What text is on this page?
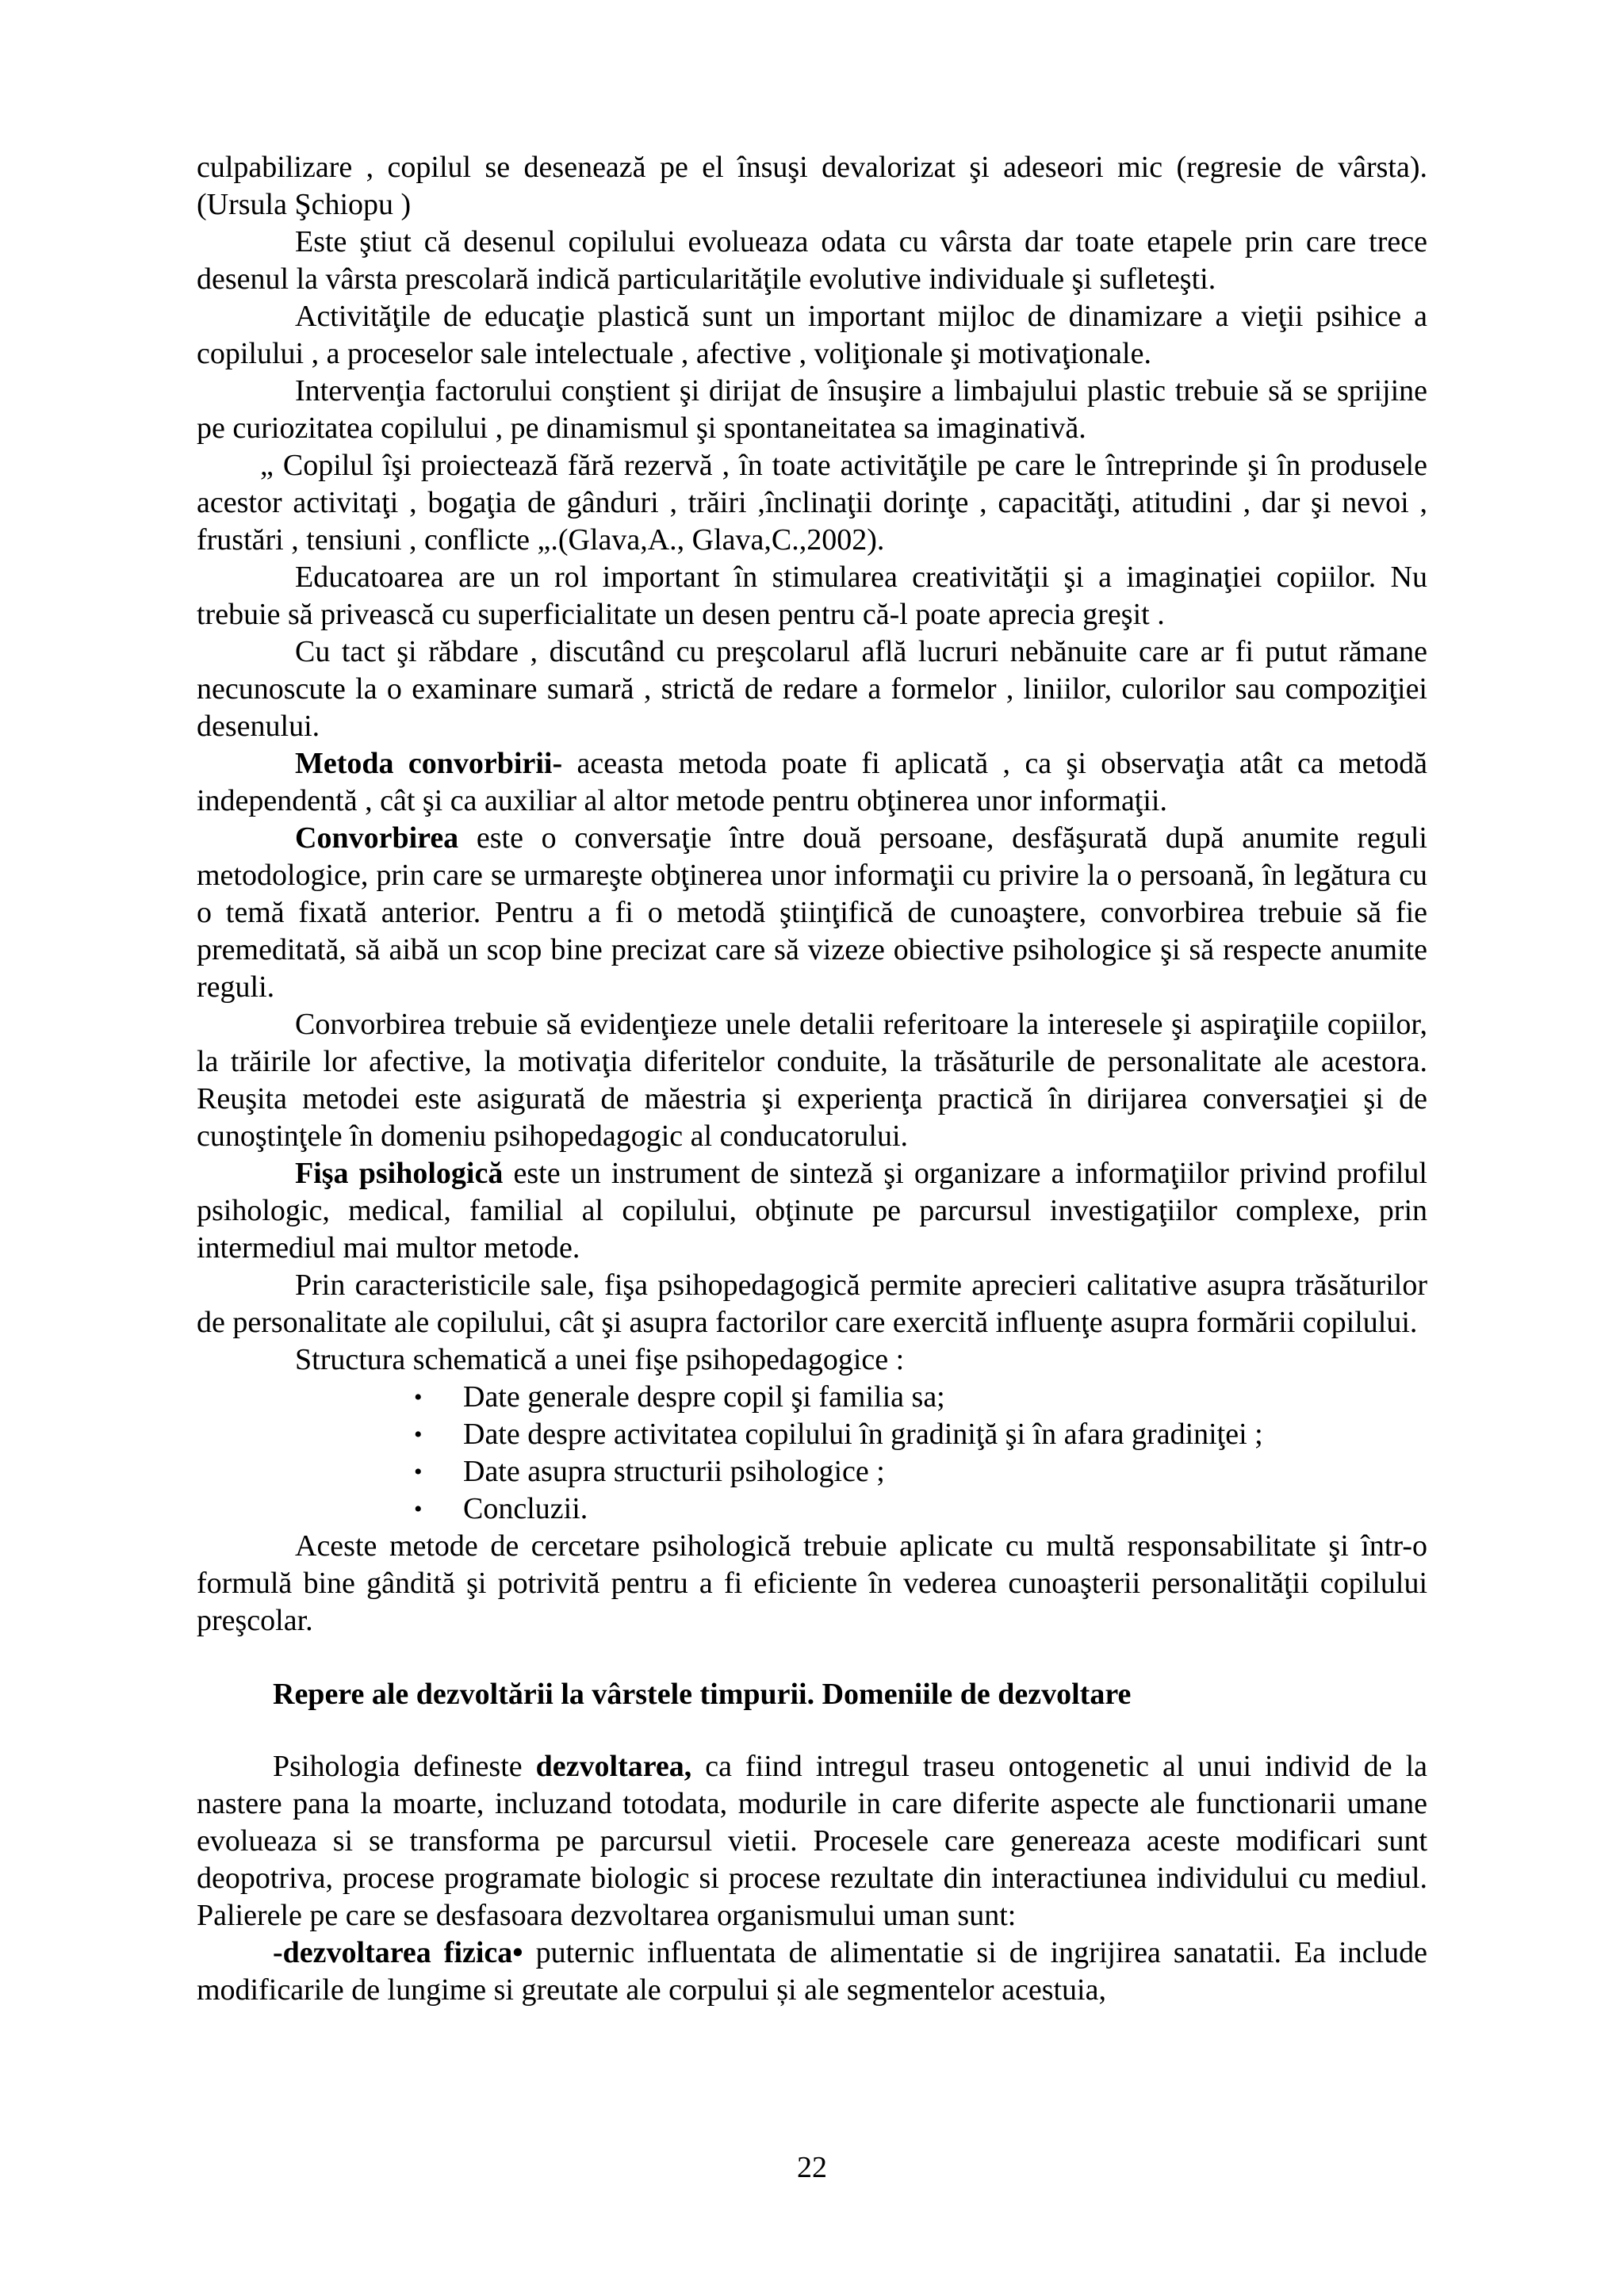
culpabilizare , copilul se desenează pe el însuşi devalorizat şi adeseori mic (regresie de vârsta).(Ursula Şchiopu )

Este ştiut că desenul copilului evolueaza odata cu vârsta dar toate etapele prin care trece desenul la vârsta prescolară indică particularităţile evolutive individuale şi sufleteşti.

Activităţile de educaţie plastică sunt un important mijloc de dinamizare a vieţii psihice a copilului , a proceselor sale intelectuale , afective , voliţionale şi motivaţionale.

Intervenţia factorului conştient şi dirijat de însuşire a limbajului plastic trebuie să se sprijine pe curiozitatea copilului , pe dinamismul şi spontaneitatea sa imaginativă.

„ Copilul îşi proiectează fără rezervă , în toate activităţile pe care le întreprinde şi în produsele acestor activitaţi , bogaţia de gânduri , trăiri ,înclinaţii dorinţe , capacităţi, atitudini , dar şi nevoi , frustări , tensiuni , conflicte „.(Glava,A., Glava,C.,2002).

Educatoarea are un rol important în stimularea creativităţii şi a imaginaţiei copiilor. Nu trebuie să privească cu superficialitate un desen pentru că-l poate aprecia greşit .

Cu tact şi răbdare , discutând cu preşcolarul află lucruri nebănuite care ar fi putut rămane necunoscute la o examinare sumară , strictă de redare a formelor , liniilor, culorilor sau compoziţiei desenului.

Metoda convorbirii- aceasta metoda poate fi aplicată , ca şi observaţia atât ca metodă independentă , cât şi ca auxiliar al altor metode pentru obţinerea unor informaţii.

Convorbirea este o conversaţie între două persoane, desfăşurată după anumite reguli metodologice, prin care se urmareşte obţinerea unor informaţii cu privire la o persoană, în legătura cu o temă fixată anterior. Pentru a fi o metodă ştiinţifică de cunoaştere, convorbirea trebuie să fie premeditată, să aibă un scop bine precizat care să vizeze obiective psihologice şi să respecte anumite reguli.

Convorbirea trebuie să evidenţieze unele detalii referitoare la interesele şi aspiraţiile copiilor, la trăirile lor afective, la motivaţia diferitelor conduite, la trăsăturile de personalitate ale acestora. Reuşita metodei este asigurată de măestria şi experienţa practică în dirijarea conversaţiei şi de cunoştinţele în domeniu psihopedagogic al conducatorului.

Fişa psihologică este un instrument de sinteză şi organizare a informaţiilor privind profilul psihologic, medical, familial al copilului, obţinute pe parcursul investigaţiilor complexe, prin intermediul mai multor metode.

Prin caracteristicile sale, fişa psihopedagogică permite aprecieri calitative asupra trăsăturilor de personalitate ale copilului, cât şi asupra factorilor care exercită influenţe asupra formării copilului.

Structura schematică a unei fişe psihopedagogice :

• Date generale despre copil şi familia sa;
• Date despre activitatea copilului în gradiniţă şi în afara gradiniţei ;
• Date asupra structurii psihologice ;
• Concluzii.

Aceste metode de cercetare psihologică trebuie aplicate cu multă responsabilitate şi într-o formulă bine gândită şi potrivită pentru a fi eficiente în vederea cunoaşterii personalităţii copilului preşcolar.

Repere ale dezvoltării la vârstele timpurii. Domeniile de dezvoltare

Psihologia defineste dezvoltarea, ca fiind intregul traseu ontogenetic al unui individ de la nastere pana la moarte, incluzand totodata, modurile in care diferite aspecte ale functionarii umane evolueaza si se transforma pe parcursul vietii. Procesele care genereaza aceste modificari sunt deopotriva, procese programate biologic si procese rezultate din interactiunea individului cu mediul. Palierele pe care se desfasoara dezvoltarea organismului uman sunt:

-dezvoltarea fizica• puternic influentata de alimentatie si de ingrijirea sanatatii. Ea include modificarile de lungime si greutate ale corpului și ale segmentelor acestuia,

22
